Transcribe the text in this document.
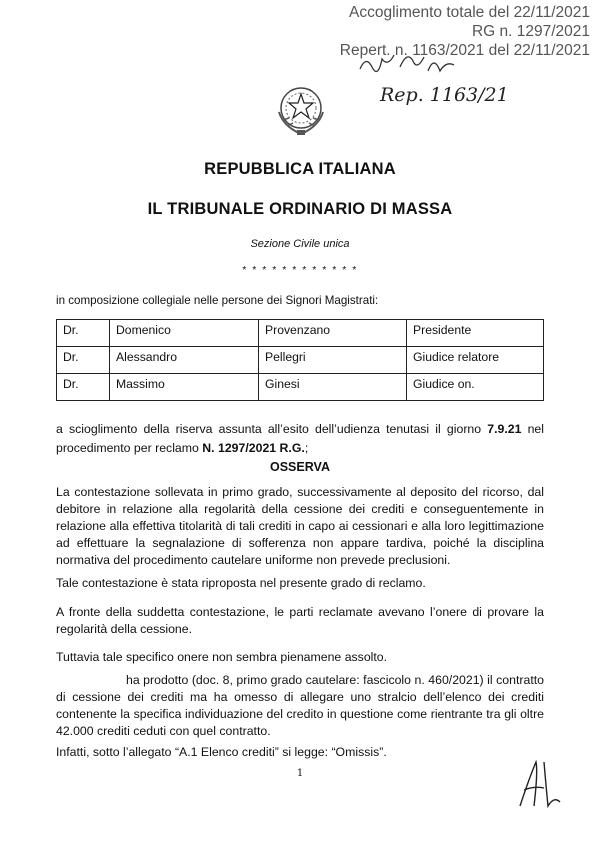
Accoglimento totale del 22/11/2021
RG n. 1297/2021
Repert. n. 1163/2021 del 22/11/2021
Rep. 1163/21
REPUBBLICA ITALIANA
IL TRIBUNALE ORDINARIO DI MASSA
Sezione Civile unica
* * * * * * * * * * * *
in composizione collegiale nelle persone dei Signori Magistrati:
Dr.	Domenico	Provenzano	Presidente
Dr.	Alessandro	Pellegri	Giudice relatore
Dr.	Massimo	Ginesi	Giudice on.
a scioglimento della riserva assunta all’esito dell’udienza tenutasi il giorno 7.9.21 nel procedimento per reclamo N. 1297/2021 R.G.;
OSSERVA
La contestazione sollevata in primo grado, successivamente al deposito del ricorso, dal debitore in relazione alla regolarità della cessione dei crediti e conseguentemente in relazione alla effettiva titolarità di tali crediti in capo ai cessionari e alla loro legittimazione ad effettuare la segnalazione di sofferenza non appare tardiva, poiché la disciplina normativa del procedimento cautelare uniforme non prevede preclusioni.
Tale contestazione è stata riproposta nel presente grado di reclamo.
A fronte della suddetta contestazione, le parti reclamate avevano l’onere di provare la regolarità della cessione.
Tuttavia tale specifico onere non sembra pienamene assolto.
ha prodotto (doc. 8, primo grado cautelare: fascicolo n. 460/2021) il contratto di cessione dei crediti ma ha omesso di allegare uno stralcio dell’elenco dei crediti contenente la specifica individuazione del credito in questione come rientrante tra gli oltre 42.000 crediti ceduti con quel contratto.
Infatti, sotto l’allegato “A.1 Elenco crediti” si legge: “Omissis”.
1
